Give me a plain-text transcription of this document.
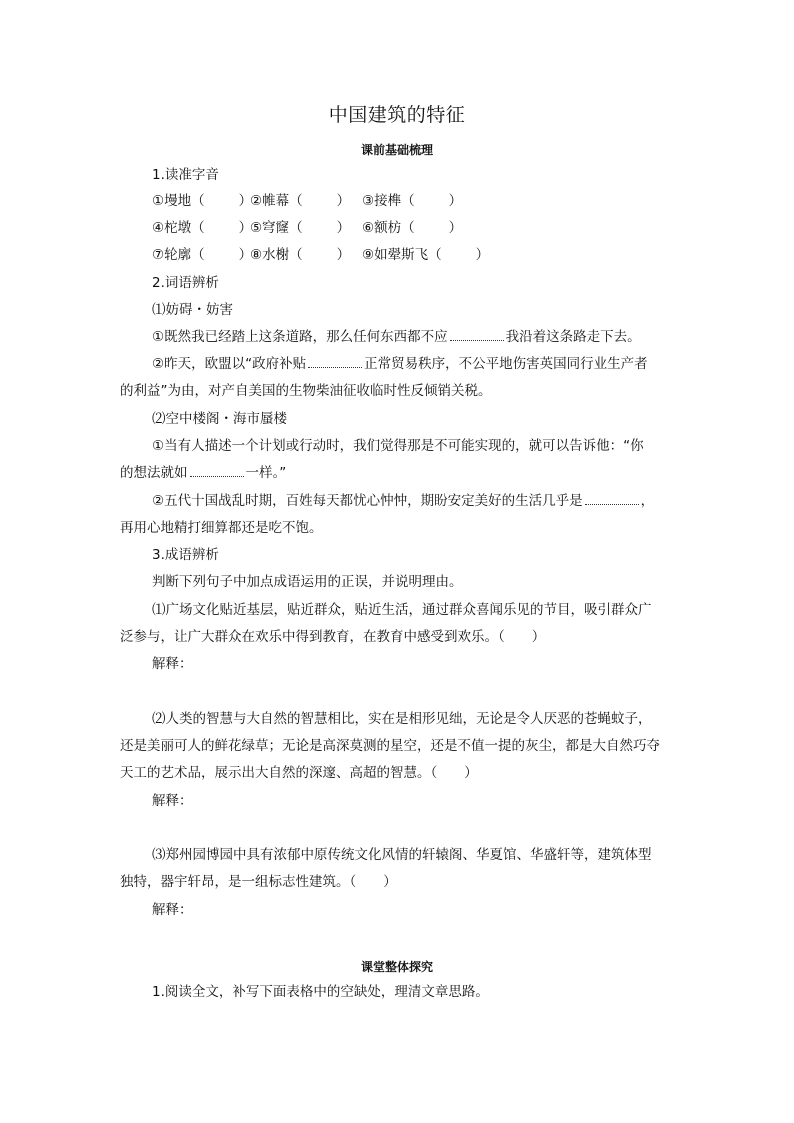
中国建筑的特征
课前基础梳理
1.读准字音
①墁地（	）
②帷幕（	） ③接榫（	）
④柁墩（	）
⑤穹窿（	） ⑥额枋（	）
⑦轮廓（	）
⑧水榭（	） ⑨如翚斯飞（	）
2.词语辨析
⑴妨碍・妨害
①既然我已经踏上这条道路，那么任何东西都不应	我沿着这条路走下去。
②昨天，欧盟以“政府补贴	正常贸易秩序，不公平地伤害英国同行业生产者
的利益”为由，对产自美国的生物柴油征收临时性反倾销关税。
⑵空中楼阁・海市蜃楼
①当有人描述一个计划或行动时，我们觉得那是不可能实现的，就可以告诉他：“你
的想法就如	一样。”
②五代十国战乱时期，百姓每天都忧心忡忡，期盼安定美好的生活几乎是	，
再用心地精打细算都还是吃不饱。
3.成语辨析
判断下列句子中加点成语运用的正误，并说明理由。
⑴广场文化贴近基层，贴近群众，贴近生活，通过群众喜闻乐见的节目，吸引群众广
泛参与，让广大群众在欢乐中得到教育，在教育中感受到欢乐。（　　）
解释：
⑵人类的智慧与大自然的智慧相比，实在是相形见绌，无论是令人厌恶的苍蝇蚊子，
还是美丽可人的鲜花绿草；无论是高深莫测的星空，还是不值一提的灰尘，都是大自然巧夺
天工的艺术品，展示出大自然的深邃、高超的智慧。（　　）
解释：
⑶郑州园博园中具有浓郁中原传统文化风情的轩辕阁、华夏馆、华盛轩等，建筑体型
独特，器宇轩昂，是一组标志性建筑。（　　）
解释：
课堂整体探究
1.阅读全文，补写下面表格中的空缺处，理清文章思路。
